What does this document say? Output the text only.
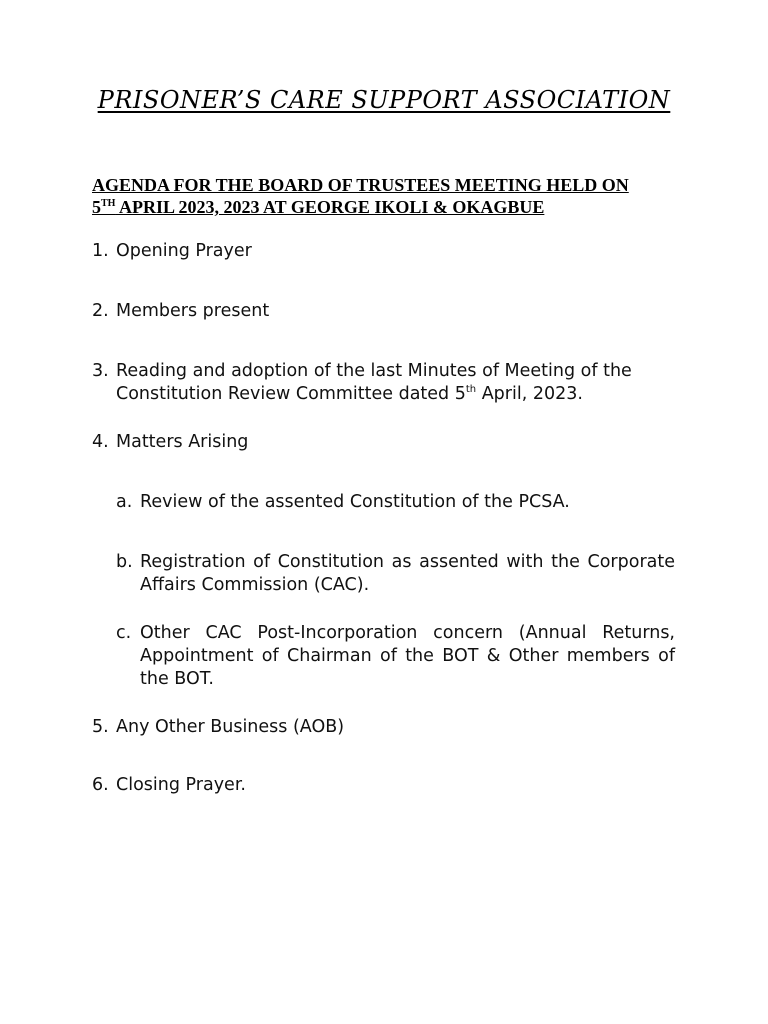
PRISONER’S CARE SUPPORT ASSOCIATION
AGENDA FOR THE BOARD OF TRUSTEES MEETING HELD ON
5TH APRIL 2023, 2023 AT GEORGE IKOLI & OKAGBUE
1. Opening Prayer
2. Members present
3. Reading and adoption of the last Minutes of Meeting of the Constitution Review Committee dated 5th April, 2023.
4. Matters Arising
a. Review of the assented Constitution of the PCSA.
b. Registration of Constitution as assented with the Corporate Affairs Commission (CAC).
c. Other CAC Post-Incorporation concern (Annual Returns, Appointment of Chairman of the BOT & Other members of the BOT.
5. Any Other Business (AOB)
6. Closing Prayer.
